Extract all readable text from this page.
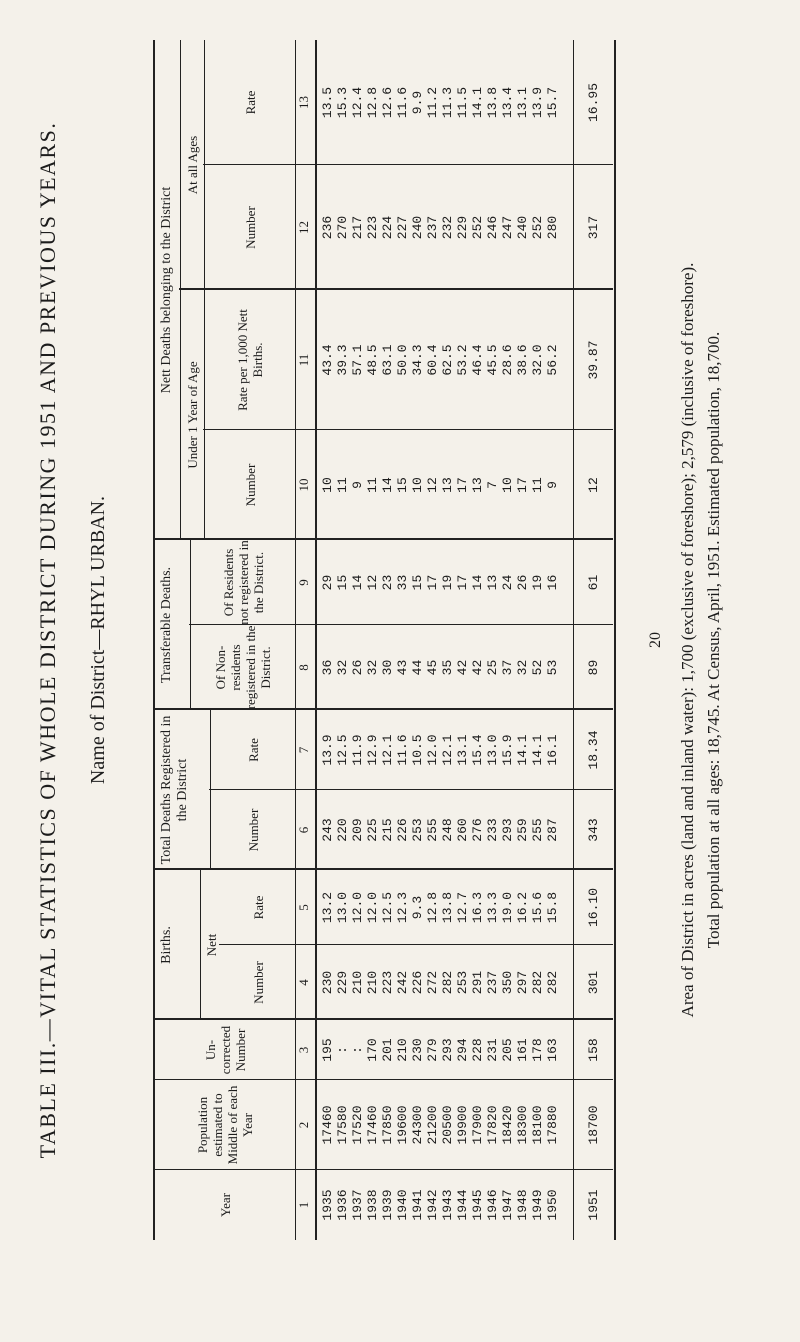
TABLE III.—VITAL STATISTICS OF WHOLE DISTRICT DURING 1951 AND PREVIOUS YEARS. Name of District—RHYL URBAN.
Year
Population estimated to Middle of each Year
Un-corrected Number
Births.	Nett
Number
Rate
Total Deaths Registered in the District
Number
Rate
Transferable Deaths.	Of Non-residents registered in the District.
Of Residents not registered in the District.
Nett Deaths belonging to the District
Under 1 Year of Age
Number
Rate per 1,000 Nett Births.
At all Ages
Number
Rate
1
2
3
4
5
6
7
8
9
10
11
12
13
1935 1936 1937 1938 1939 1940 1941 1942 1943 1944 1945 1946 1947 1948 1949 1950
17460 17580 17520 17460 17850 19600 24300 21200 20500 19900 17900 17820 18420 18300 18100 17880
195 : : 170 201 210 230 279 293 294 228 231 205 161 178 163
230 229 210 210 223 242 226 272 282 253 291 237 350 297 282 282
13.2 13.0 12.0 12.0 12.5 12.3 9.3 12.8 13.8 12.7 16.3 13.3 19.0 16.2 15.6 15.8
243 220 209 225 215 226 253 255 248 260 276 233 293 259 255 287
13.9 12.5 11.9 12.9 12.1 11.6 10.5 12.0 12.1 13.1 15.4 13.0 15.9 14.1 14.1 16.1
36 32 26 32 30 43 44 45 35 42 42 25 37 32 52 53
29 15 14 12 23 33 15 17 19 17 14 13 24 26 19 16
10 11 9 11 14 15 10 12 13 17 13 7 10 17 11 9
43.4 39.3 57.1 48.5 63.1 50.0 34.3 60.4 62.5 53.2 46.4 45.5 28.6 38.6 32.0 56.2
236 270 217 223 224 227 240 237 232 229 252 246 247 240 252 280
13.5 15.3 12.4 12.8 12.6 11.6 9.9 11.2 11.3 11.5 14.1 13.8 13.4 13.1 13.9 15.7
1951
18700
158
301
16.10
343
18.34
89
61
12
39.87
317
16.95
20 Area of District in acres (land and inland water): 1,700 (exclusive of foreshore); 2,579 (inclusive of foreshore). Total population at all ages: 18,745. At Census, April, 1951. Estimated population, 18,700.
